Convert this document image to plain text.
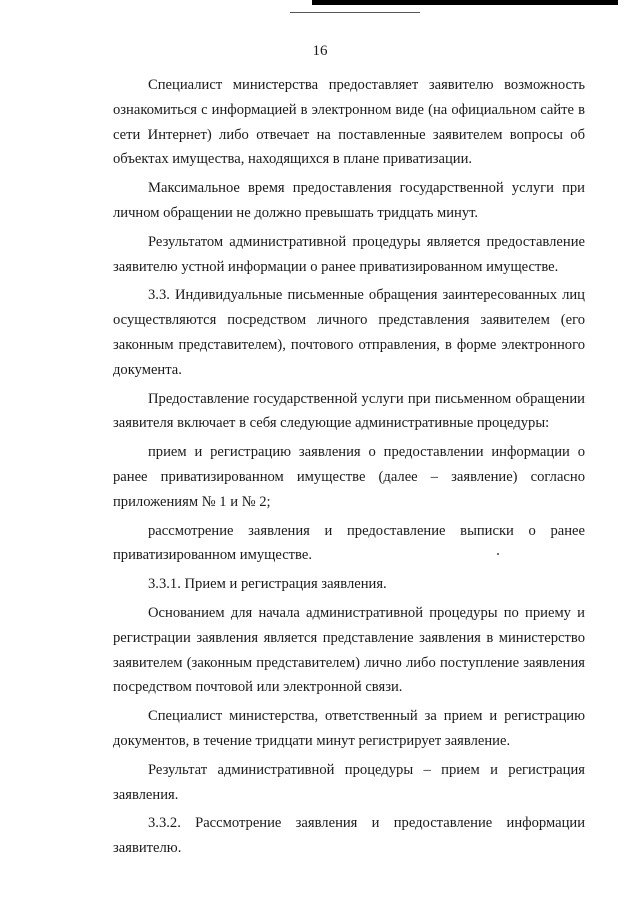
16

Специалист министерства предоставляет заявителю возможность ознакомиться с информацией в электронном виде (на официальном сайте в сети Интернет) либо отвечает на поставленные заявителем вопросы об объектах имущества, находящихся в плане приватизации.

Максимальное время предоставления государственной услуги при личном обращении не должно превышать тридцать минут.

Результатом административной процедуры является предоставление заявителю устной информации о ранее приватизированном имуществе.

3.3. Индивидуальные письменные обращения заинтересованных лиц осуществляются посредством личного представления заявителем (его законным представителем), почтового отправления, в форме электронного документа.

Предоставление государственной услуги при письменном обращении заявителя включает в себя следующие административные процедуры:

прием и регистрацию заявления о предоставлении информации о ранее приватизированном имуществе (далее – заявление) согласно приложениям № 1 и № 2;

рассмотрение заявления и предоставление выписки о ранее приватизированном имуществе.

3.3.1. Прием и регистрация заявления.

Основанием для начала административной процедуры по приему и регистрации заявления является представление заявления в министерство заявителем (законным представителем) лично либо поступление заявления посредством почтовой или электронной связи.

Специалист министерства, ответственный за прием и регистрацию документов, в течение тридцати минут регистрирует заявление.

Результат административной процедуры – прием и регистрация заявления.

3.3.2. Рассмотрение заявления и предоставление информации заявителю.
